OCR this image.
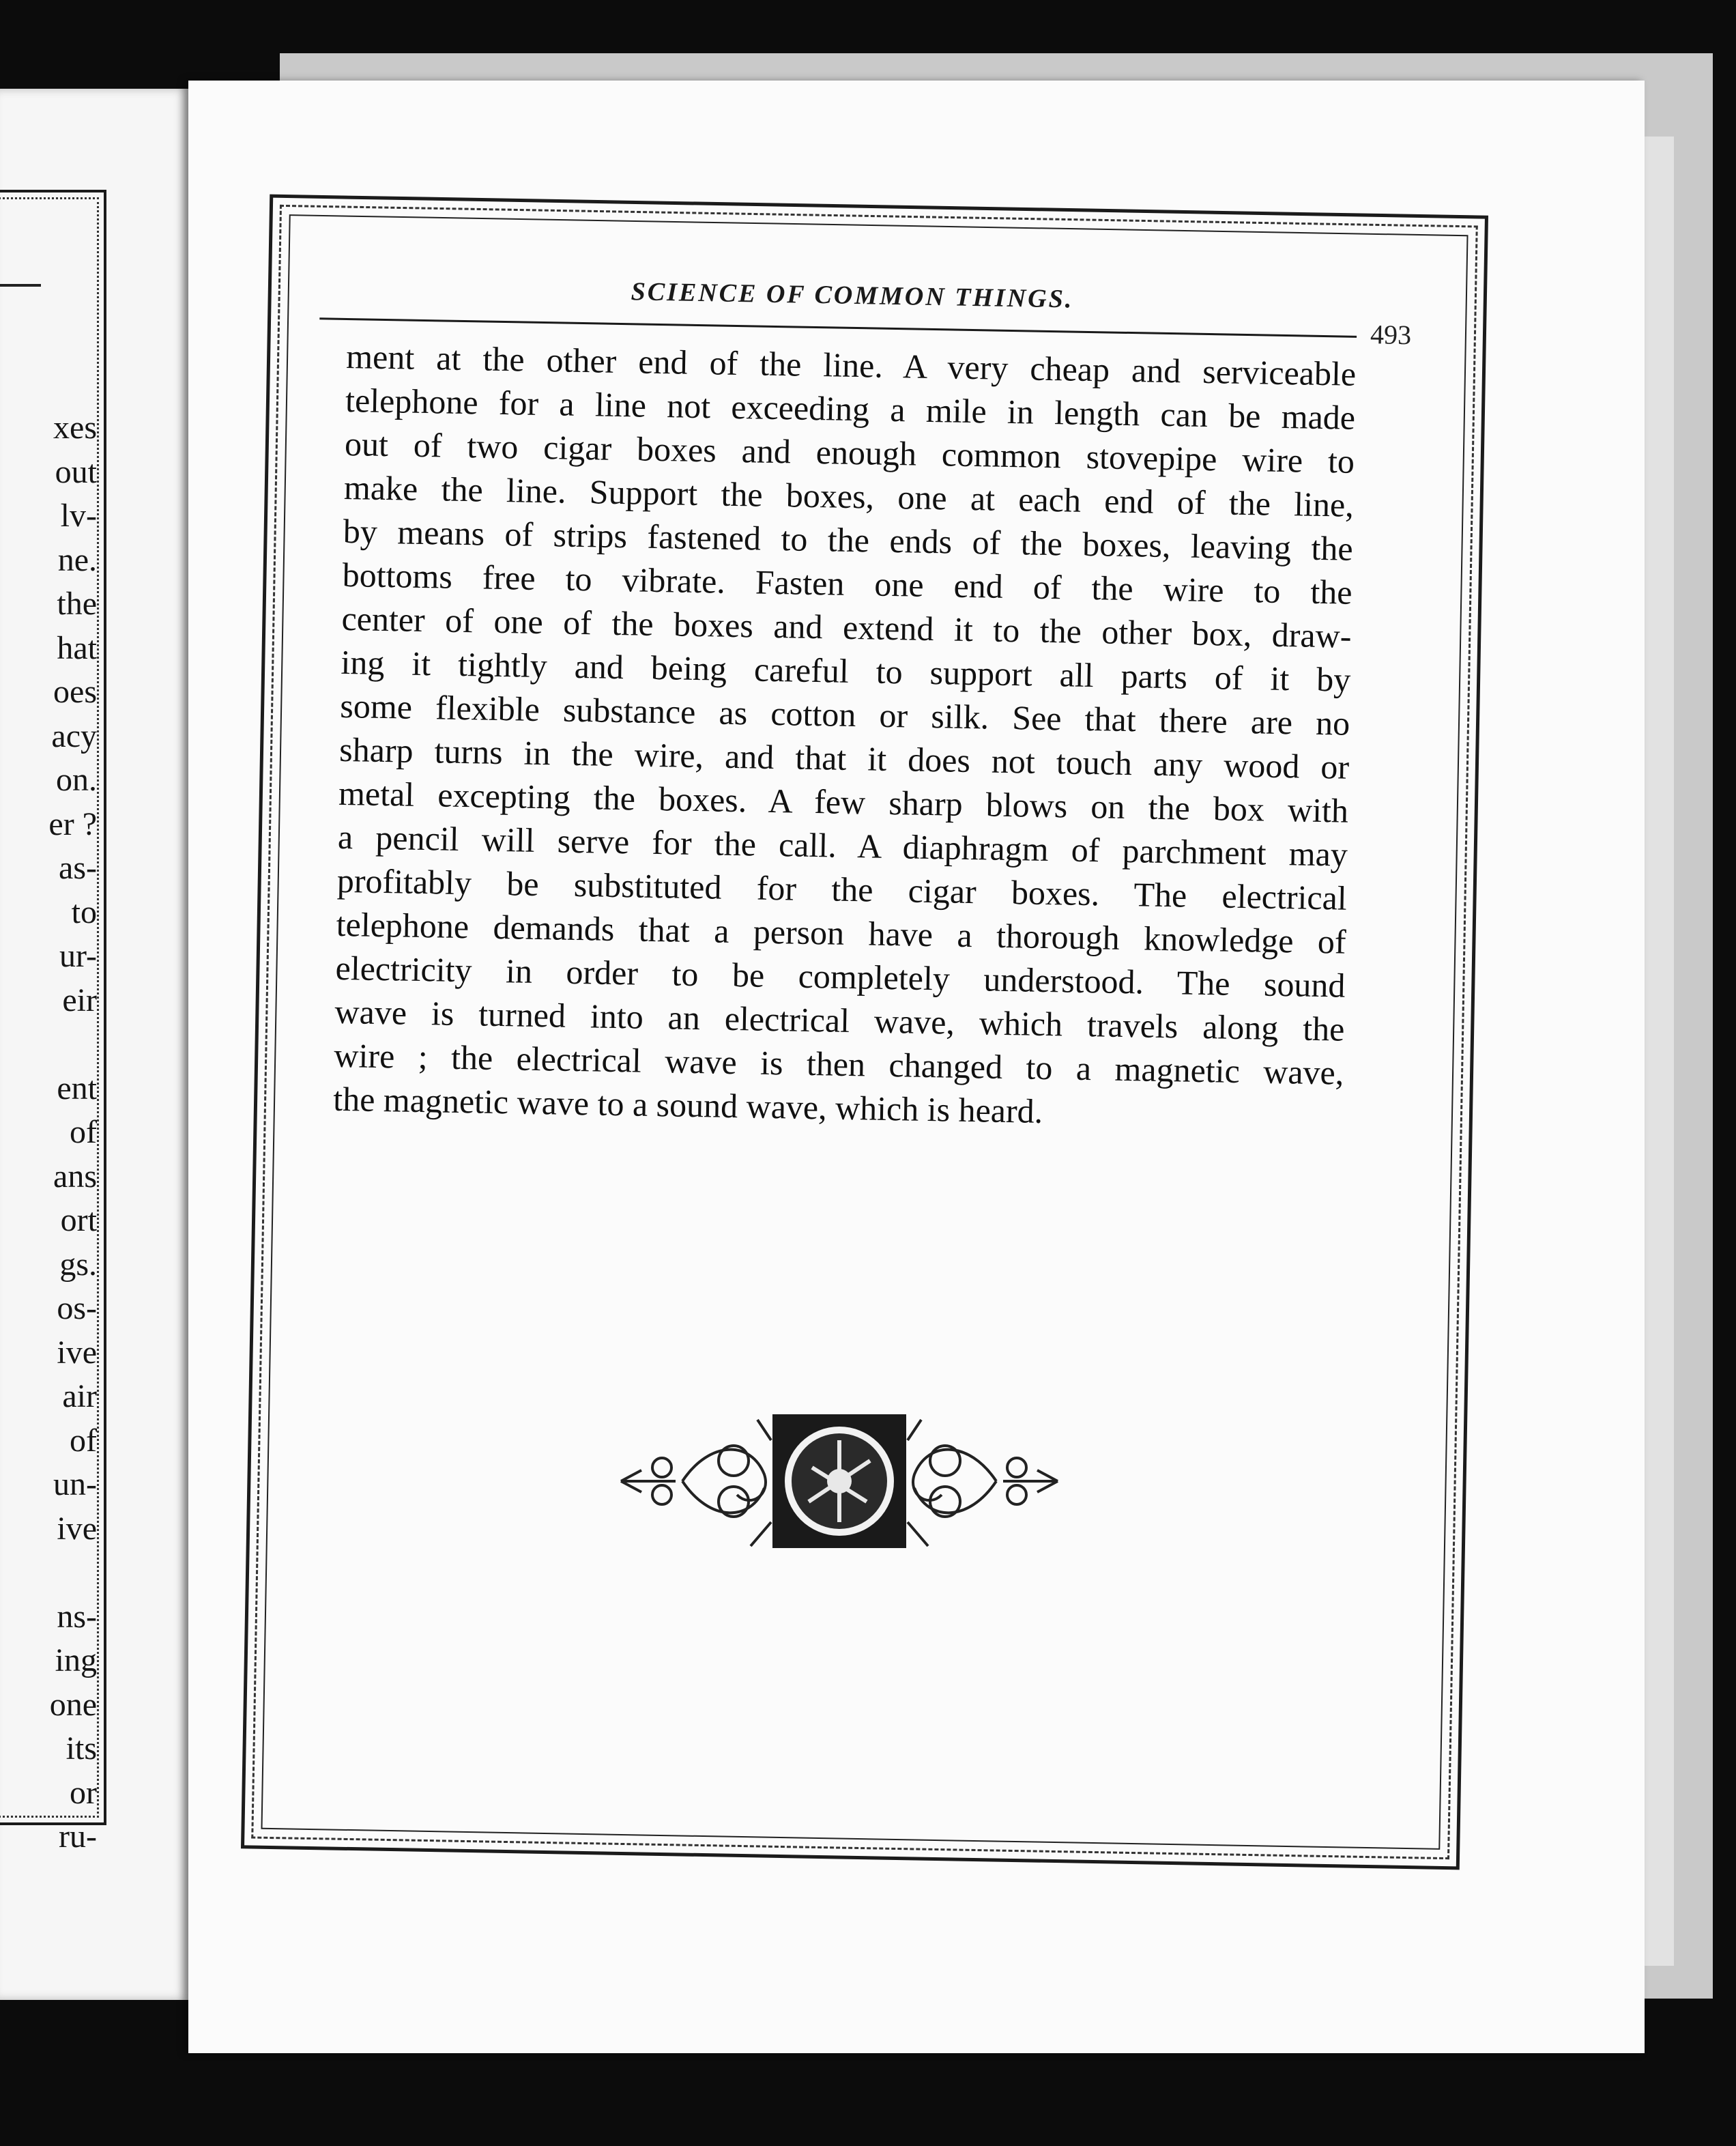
xes
out
lv-
ne.
the
hat
oes
acy
on.
er ?
as-
to
ur-
eir

ent
of
ans
ort
gs.
os-
ive
air
of
un-
ive

ns-
ing
one
its
or
ru-
SCIENCE OF COMMON THINGS.
493

ment at the other end of the line. A very cheap and serviceable
telephone for a line not exceeding a mile in length can be made
out of two cigar boxes and enough common stovepipe wire to
make the line. Support the boxes, one at each end of the line,
by means of strips fastened to the ends of the boxes, leaving the
bottoms free to vibrate. Fasten one end of the wire to the
center of one of the boxes and extend it to the other box, draw-
ing it tightly and being careful to support all parts of it by
some flexible substance as cotton or silk. See that there are no
sharp turns in the wire, and that it does not touch any wood or
metal excepting the boxes. A few sharp blows on the box with
a pencil will serve for the call. A diaphragm of parchment may
profitably be substituted for the cigar boxes. The electrical
telephone demands that a person have a thorough knowledge of
electricity in order to be completely understood. The sound
wave is turned into an electrical wave, which travels along the
wire ; the electrical wave is then changed to a magnetic wave,
the magnetic wave to a sound wave, which is heard.
